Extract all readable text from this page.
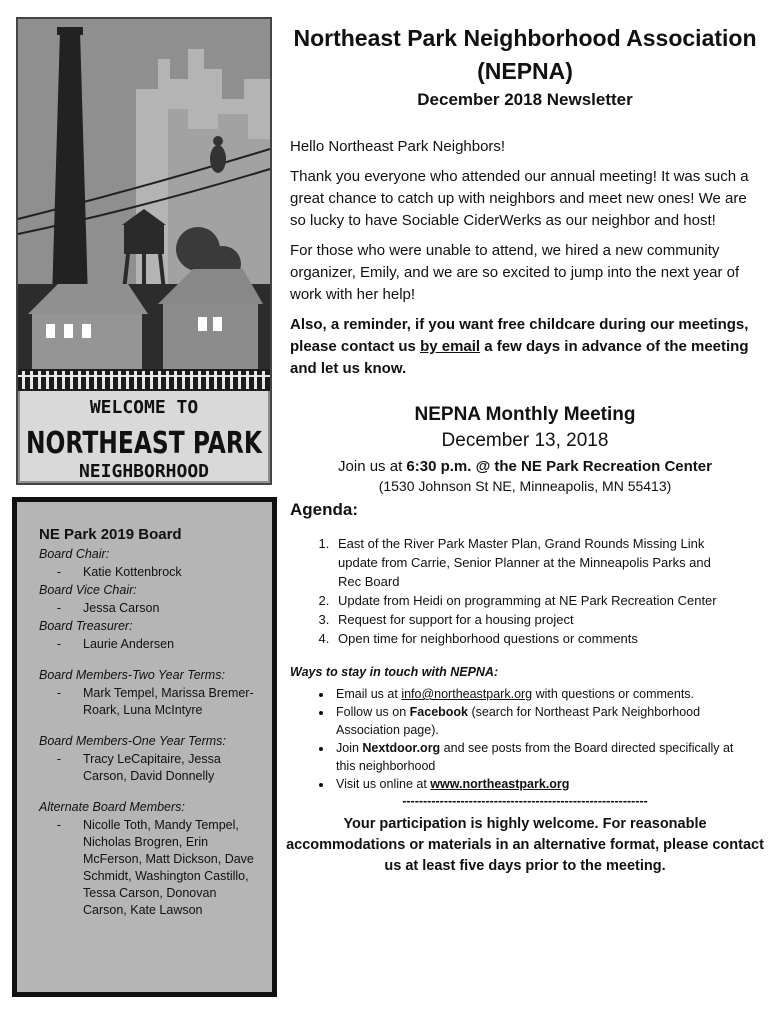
WELCOME TO
NORTHEAST PARK
NEIGHBORHOOD
NE Park 2019 Board
Board Chair:
-	Katie Kottenbrock
Board Vice Chair:
-	Jessa Carson
Board Treasurer:
-	Laurie Andersen
Board Members-Two Year Terms:
-	Mark Tempel, Marissa Bremer-Roark, Luna McIntyre
Board Members-One Year Terms:
-	Tracy LeCapitaire, Jessa Carson, David Donnelly
Alternate Board Members:
-	Nicolle Toth, Mandy Tempel, Nicholas Brogren, Erin McFerson, Matt Dickson, Dave Schmidt, Washington Castillo, Tessa Carson, Donovan Carson, Kate Lawson
Northeast Park Neighborhood Association (NEPNA)
December 2018 Newsletter

Hello Northeast Park Neighbors!

Thank you everyone who attended our annual meeting! It was such a great chance to catch up with neighbors and meet new ones! We are so lucky to have Sociable CiderWerks as our neighbor and host!

For those who were unable to attend, we hired a new community organizer, Emily, and we are so excited to jump into the next year of work with her help!

Also, a reminder, if you want free childcare during our meetings, please contact us by email a few days in advance of the meeting and let us know.

NEPNA Monthly Meeting
December 13, 2018
Join us at 6:30 p.m. @ the NE Park Recreation Center
(1530 Johnson St NE, Minneapolis, MN 55413)
Agenda:
1. East of the River Park Master Plan, Grand Rounds Missing Link update from Carrie, Senior Planner at the Minneapolis Parks and Rec Board
2. Update from Heidi on programming at NE Park Recreation Center
3. Request for support for a housing project
4. Open time for neighborhood questions or comments
Ways to stay in touch with NEPNA:
• Email us at info@northeastpark.org with questions or comments.
• Follow us on Facebook (search for Northeast Park Neighborhood Association page).
• Join Nextdoor.org and see posts from the Board directed specifically at this neighborhood
• Visit us online at www.northeastpark.org
-----------------------------------------------------------
Your participation is highly welcome. For reasonable accommodations or materials in an alternative format, please contact us at least five days prior to the meeting.
